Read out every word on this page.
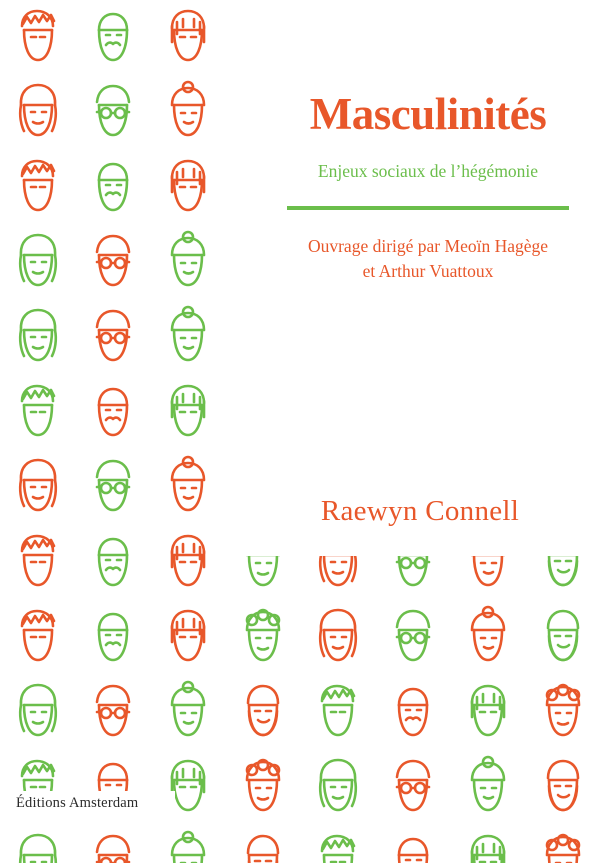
Masculinités

Enjeux sociaux de l’hégémonie

Ouvrage dirigé par Meoïn Hagège
et Arthur Vuattoux

Raewyn Connell
Éditions Amsterdam
